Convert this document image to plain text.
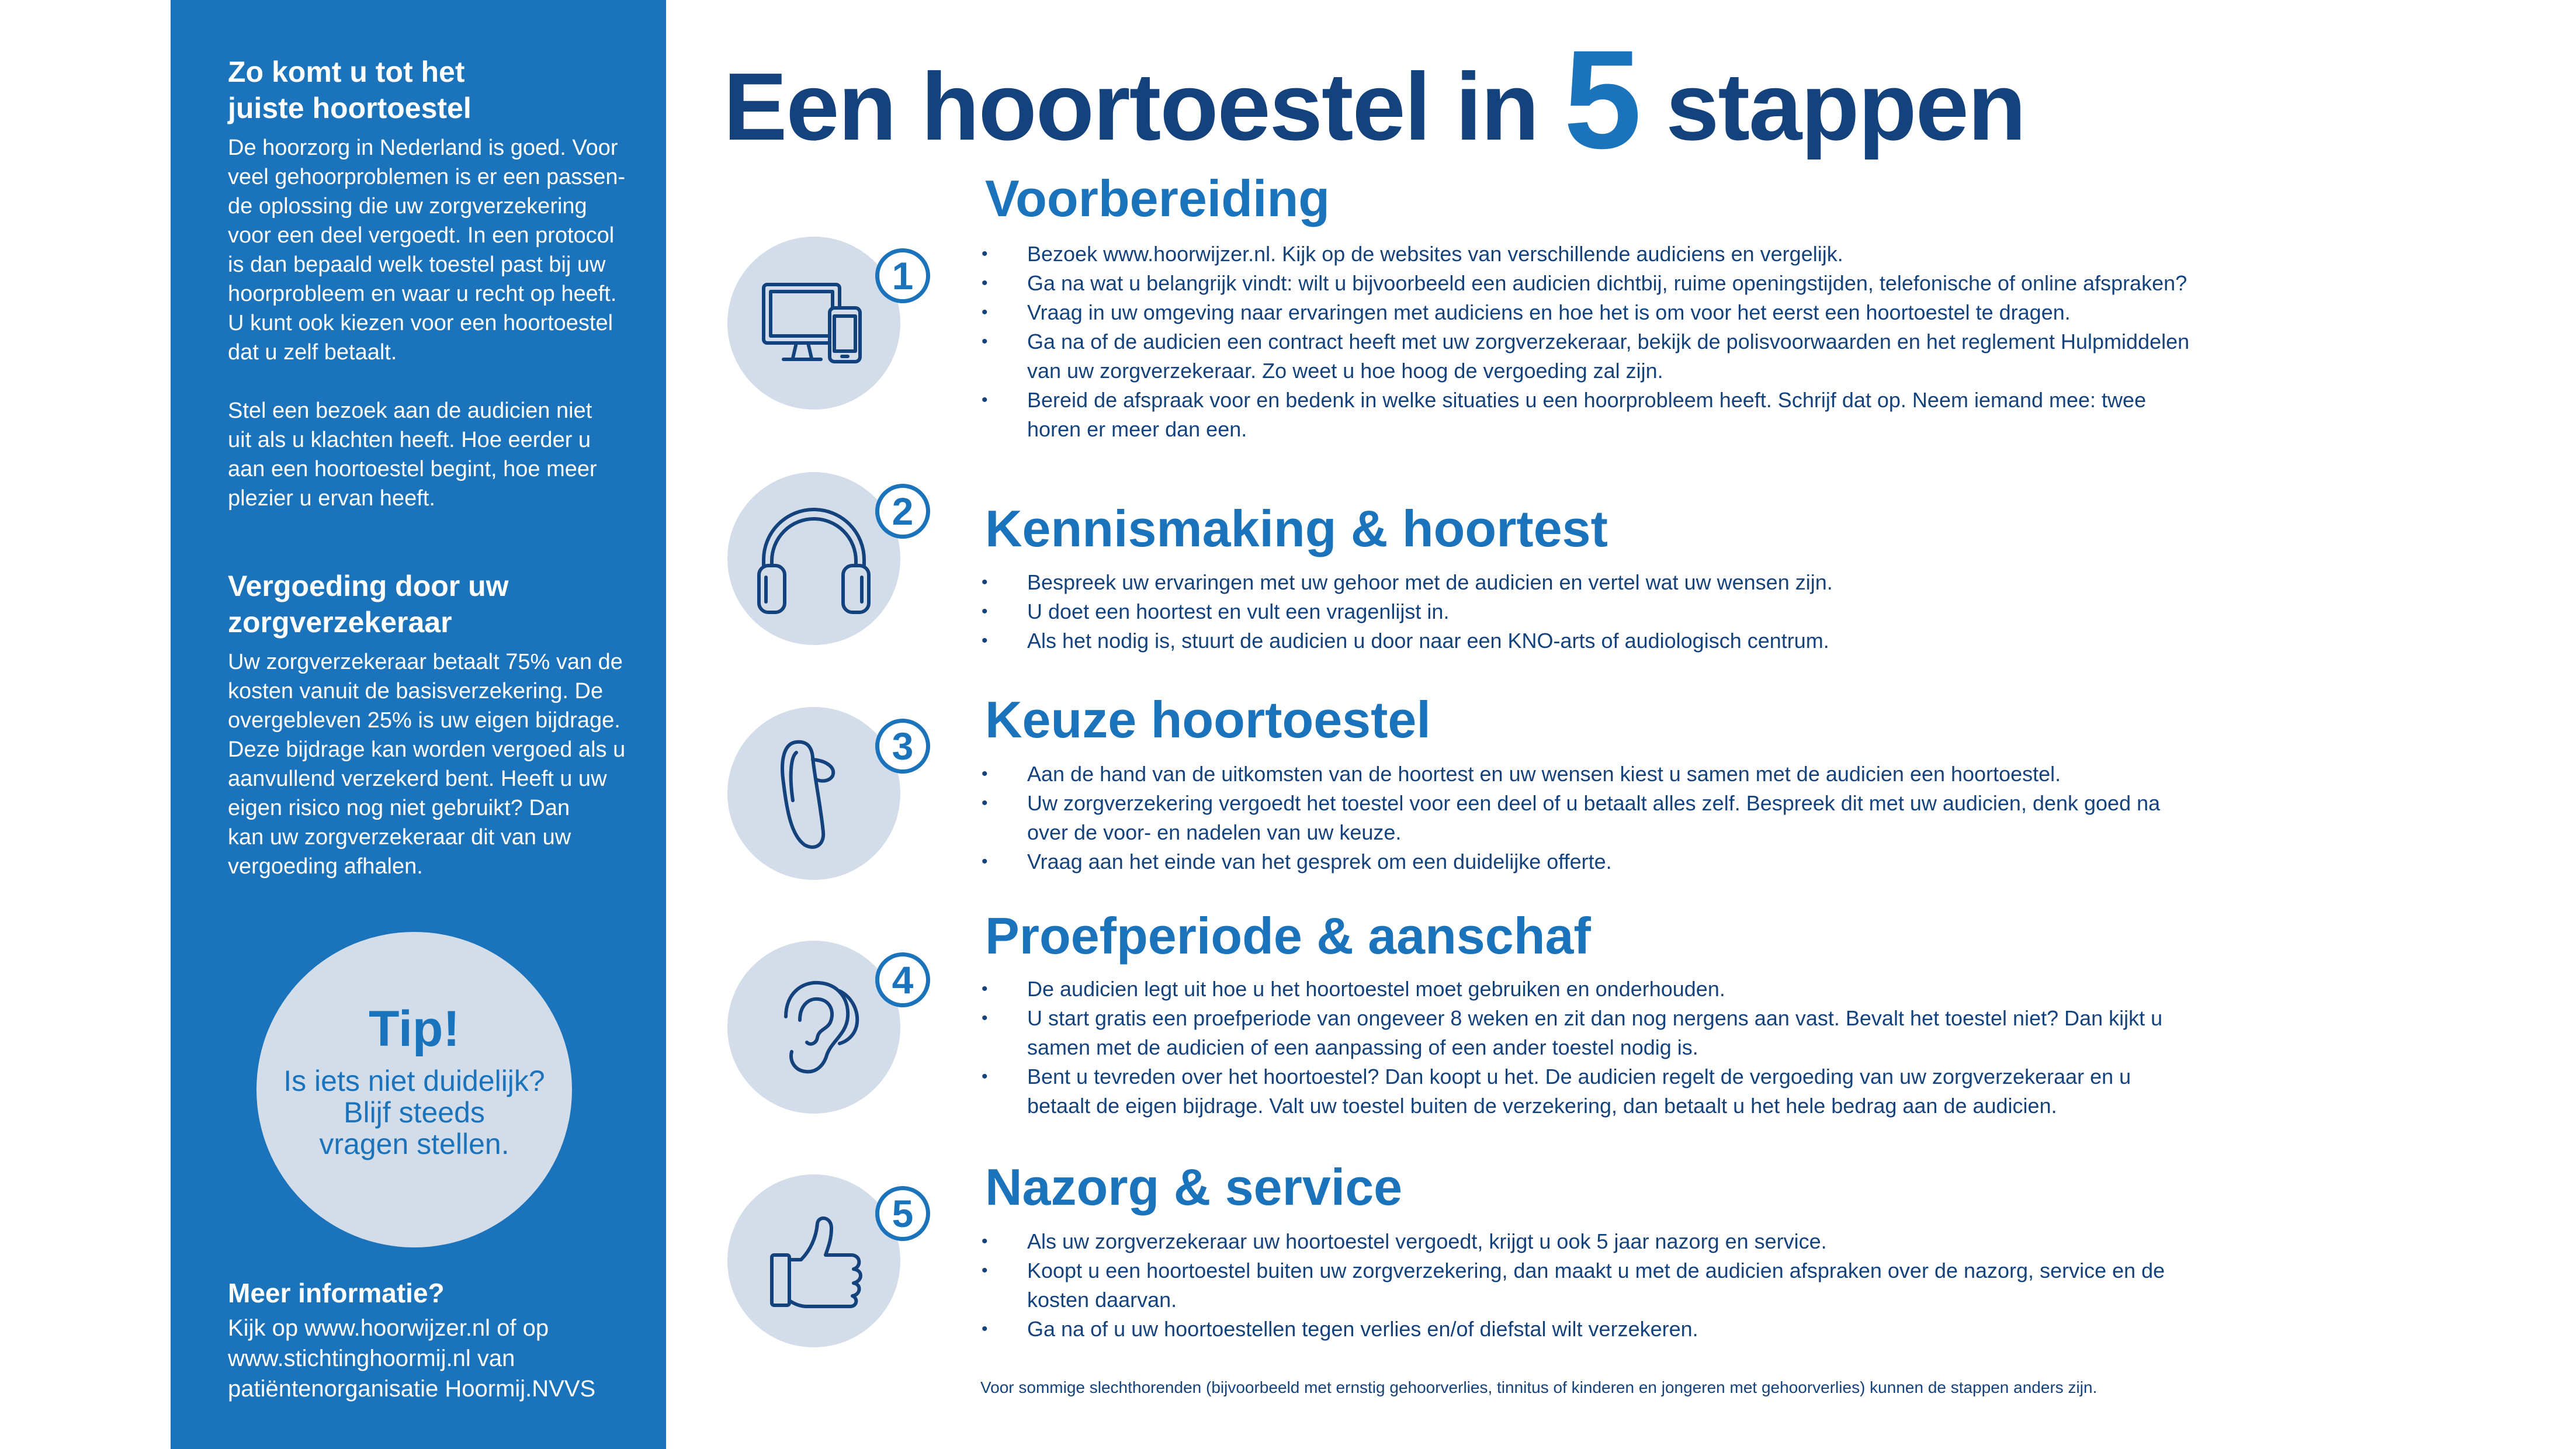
Zo komt u tot het
juiste hoortoestel

De hoorzorg in Nederland is goed. Voor
veel gehoorproblemen is er een passen-
de oplossing die uw zorgverzekering
voor een deel vergoedt. In een protocol
is dan bepaald welk toestel past bij uw
hoorprobleem en waar u recht op heeft.
U kunt ook kiezen voor een hoortoestel
dat u zelf betaalt.

Stel een bezoek aan de audicien niet
uit als u klachten heeft. Hoe eerder u
aan een hoortoestel begint, hoe meer
plezier u ervan heeft.

Vergoeding door uw
zorgverzekeraar

Uw zorgverzekeraar betaalt 75% van de
kosten vanuit de basisverzekering. De
overgebleven 25% is uw eigen bijdrage.
Deze bijdrage kan worden vergoed als u
aanvullend verzekerd bent. Heeft u uw
eigen risico nog niet gebruikt? Dan
kan uw zorgverzekeraar dit van uw
vergoeding afhalen.

Tip!
Is iets niet duidelijk?
Blijf steeds
vragen stellen.
Meer informatie?

Kijk op www.hoorwijzer.nl of op
www.stichtinghoormij.nl van
patiëntenorganisatie Hoormij.NVVS

Een hoortoestel in 5 stappen
1
Voorbereiding
• Bezoek www.hoorwijzer.nl. Kijk op de websites van verschillende audiciens en vergelijk.
• Ga na wat u belangrijk vindt: wilt u bijvoorbeeld een audicien dichtbij, ruime openingstijden, telefonische of online afspraken?
• Vraag in uw omgeving naar ervaringen met audiciens en hoe het is om voor het eerst een hoortoestel te dragen.
• Ga na of de audicien een contract heeft met uw zorgverzekeraar, bekijk de polisvoorwaarden en het reglement Hulpmiddelen van uw zorgverzekeraar. Zo weet u hoe hoog de vergoeding zal zijn.
• Bereid de afspraak voor en bedenk in welke situaties u een hoorprobleem heeft. Schrijf dat op. Neem iemand mee: twee horen er meer dan een.
2	Kennismaking & hoortest
• Bespreek uw ervaringen met uw gehoor met de audicien en vertel wat uw wensen zijn.
• U doet een hoortest en vult een vragenlijst in.
• Als het nodig is, stuurt de audicien u door naar een KNO-arts of audiologisch centrum.
3	Keuze hoortoestel
• Aan de hand van de uitkomsten van de hoortest en uw wensen kiest u samen met de audicien een hoortoestel.
• Uw zorgverzekering vergoedt het toestel voor een deel of u betaalt alles zelf. Bespreek dit met uw audicien, denk goed na over de voor- en nadelen van uw keuze.
• Vraag aan het einde van het gesprek om een duidelijke offerte.
4
Proefperiode & aanschaf
• De audicien legt uit hoe u het hoortoestel moet gebruiken en onderhouden.
• U start gratis een proefperiode van ongeveer 8 weken en zit dan nog nergens aan vast. Bevalt het toestel niet? Dan kijkt u samen met de audicien of een aanpassing of een ander toestel nodig is.
• Bent u tevreden over het hoortoestel? Dan koopt u het. De audicien regelt de vergoeding van uw zorgverzekeraar en u betaalt de eigen bijdrage. Valt uw toestel buiten de verzekering, dan betaalt u het hele bedrag aan de audicien.
5	Nazorg & service
• Als uw zorgverzekeraar uw hoortoestel vergoedt, krijgt u ook 5 jaar nazorg en service.
• Koopt u een hoortoestel buiten uw zorgverzekering, dan maakt u met de audicien afspraken over de nazorg, service en de kosten daarvan.
• Ga na of u uw hoortoestellen tegen verlies en/of diefstal wilt verzekeren.

Voor sommige slechthorenden (bijvoorbeeld met ernstig gehoorverlies, tinnitus of kinderen en jongeren met gehoorverlies) kunnen de stappen anders zijn.
